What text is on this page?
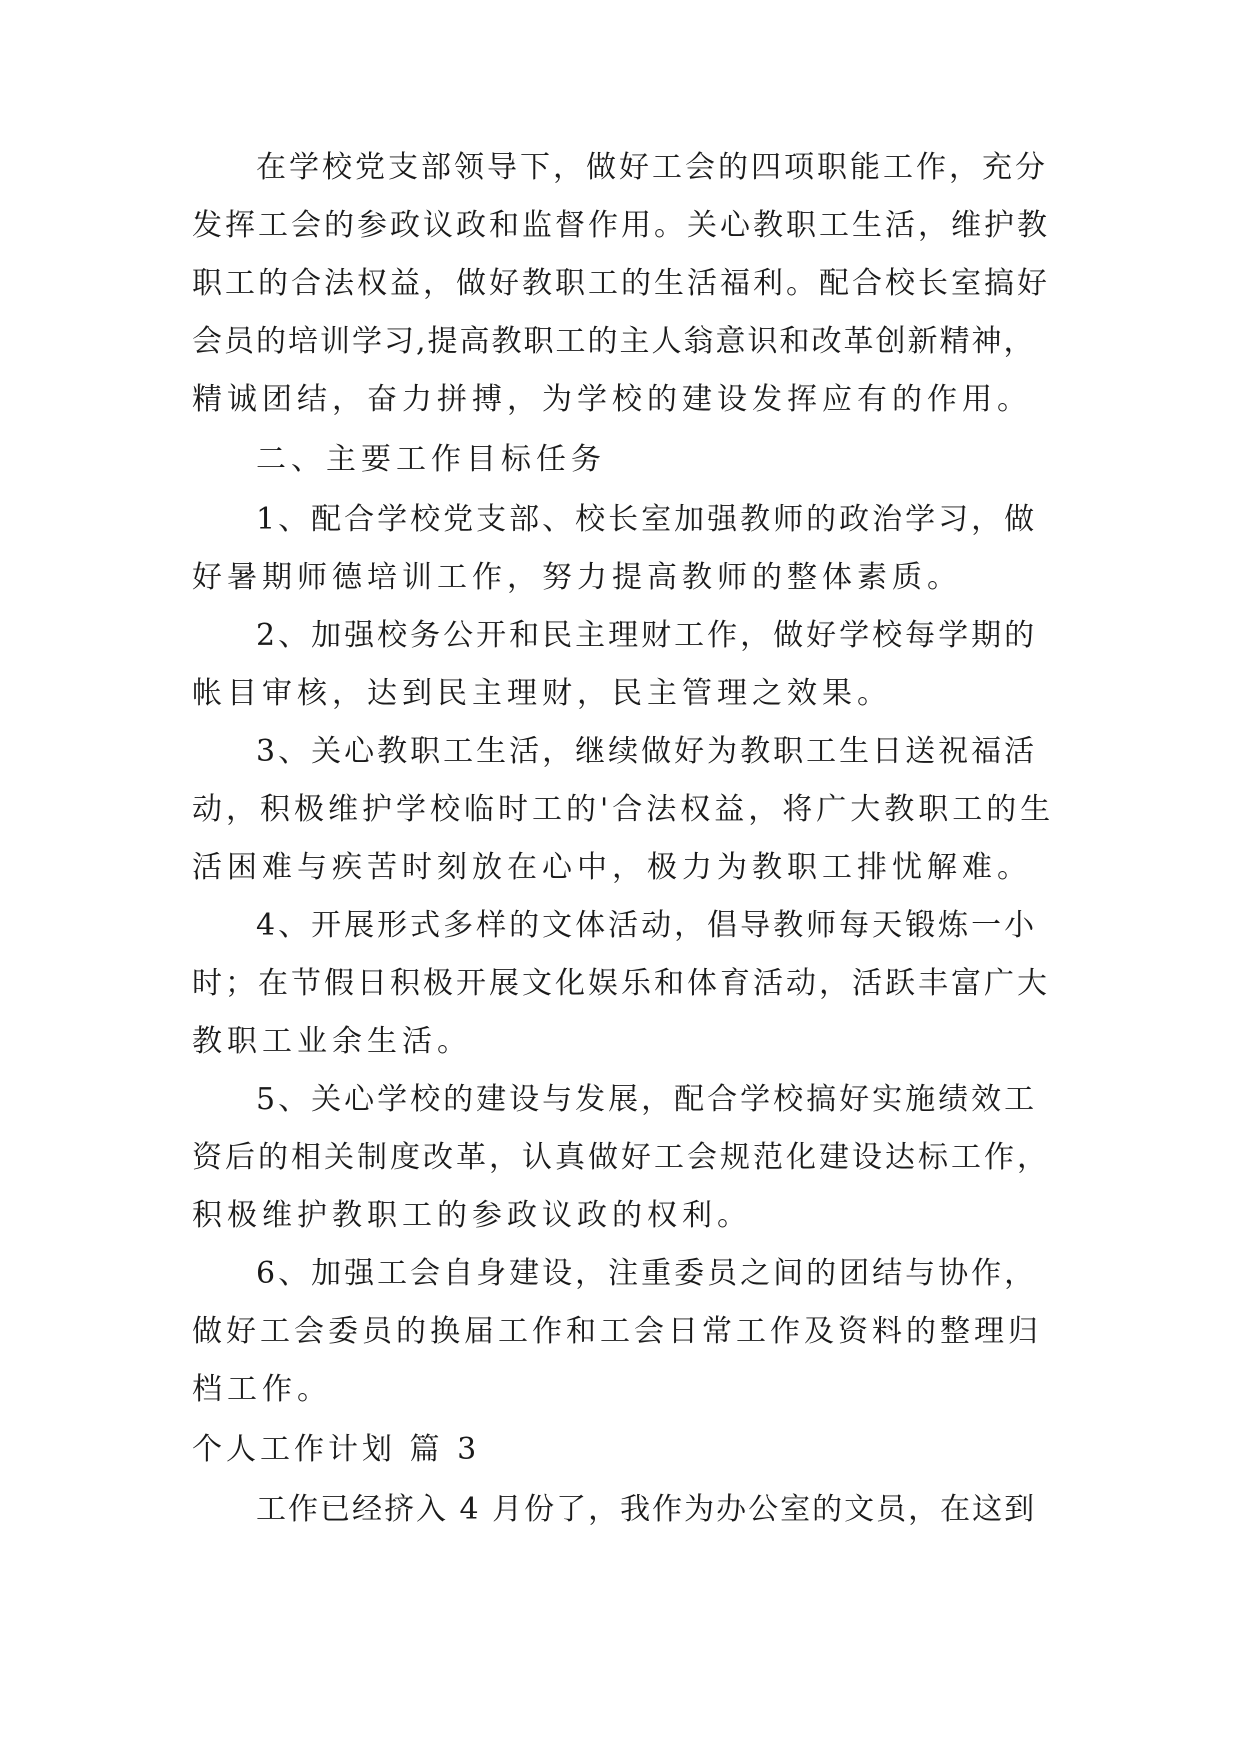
在学校党支部领导下，做好工会的四项职能工作，充分
发挥工会的参政议政和监督作用。关心教职工生活，维护教
职工的合法权益，做好教职工的生活福利。配合校长室搞好
会员的培训学习,提高教职工的主人翁意识和改革创新精神，
精诚团结，奋力拼搏，为学校的建设发挥应有的作用。
二、主要工作目标任务
1、配合学校党支部、校长室加强教师的政治学习，做
好暑期师德培训工作，努力提高教师的整体素质。
2、加强校务公开和民主理财工作，做好学校每学期的
帐目审核，达到民主理财，民主管理之效果。
3、关心教职工生活，继续做好为教职工生日送祝福活
动，积极维护学校临时工的'合法权益，将广大教职工的生
活困难与疾苦时刻放在心中，极力为教职工排忧解难。
4、开展形式多样的文体活动，倡导教师每天锻炼一小
时；在节假日积极开展文化娱乐和体育活动，活跃丰富广大
教职工业余生活。
5、关心学校的建设与发展，配合学校搞好实施绩效工
资后的相关制度改革，认真做好工会规范化建设达标工作，
积极维护教职工的参政议政的权利。
6、加强工会自身建设，注重委员之间的团结与协作，
做好工会委员的换届工作和工会日常工作及资料的整理归
档工作。
个人工作计划 篇 3
工作已经挤入 4 月份了，我作为办公室的文员，在这到
